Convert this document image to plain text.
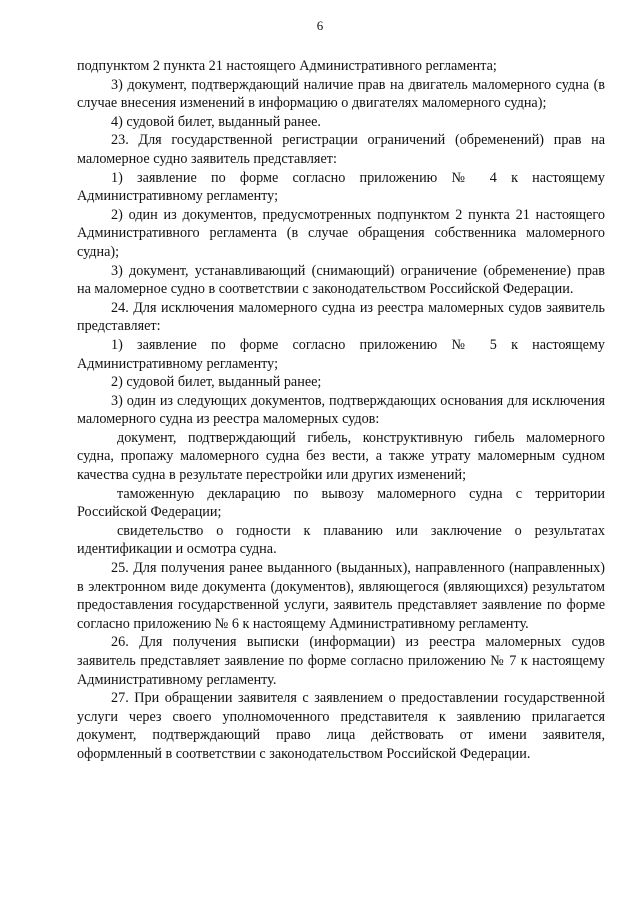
6

подпунктом 2 пункта 21 настоящего Административного регламента;

3) документ, подтверждающий наличие прав на двигатель маломерного судна (в случае внесения изменений в информацию о двигателях маломерного судна);

4) судовой билет, выданный ранее.

23. Для государственной регистрации ограничений (обременений) прав на маломерное судно заявитель представляет:

1) заявление по форме согласно приложению № 4 к настоящему Административному регламенту;

2) один из документов, предусмотренных подпунктом 2 пункта 21 настоящего Административного регламента (в случае обращения собственника маломерного судна);

3) документ, устанавливающий (снимающий) ограничение (обременение) прав на маломерное судно в соответствии с законодательством Российской Федерации.

24. Для исключения маломерного судна из реестра маломерных судов заявитель представляет:

1) заявление по форме согласно приложению № 5 к настоящему Административному регламенту;

2) судовой билет, выданный ранее;

3) один из следующих документов, подтверждающих основания для исключения маломерного судна из реестра маломерных судов:

документ, подтверждающий гибель, конструктивную гибель маломерного судна, пропажу маломерного судна без вести, а также утрату маломерным судном качества судна в результате перестройки или других изменений;

таможенную декларацию по вывозу маломерного судна с территории Российской Федерации;

свидетельство о годности к плаванию или заключение о результатах идентификации и осмотра судна.

25. Для получения ранее выданного (выданных), направленного (направленных) в электронном виде документа (документов), являющегося (являющихся) результатом предоставления государственной услуги, заявитель представляет заявление по форме согласно приложению № 6 к настоящему Административному регламенту.

26. Для получения выписки (информации) из реестра маломерных судов заявитель представляет заявление по форме согласно приложению № 7 к настоящему Административному регламенту.

27. При обращении заявителя с заявлением о предоставлении государственной услуги через своего уполномоченного представителя к заявлению прилагается документ, подтверждающий право лица действовать от имени заявителя, оформленный в соответствии с законодательством Российской Федерации.
